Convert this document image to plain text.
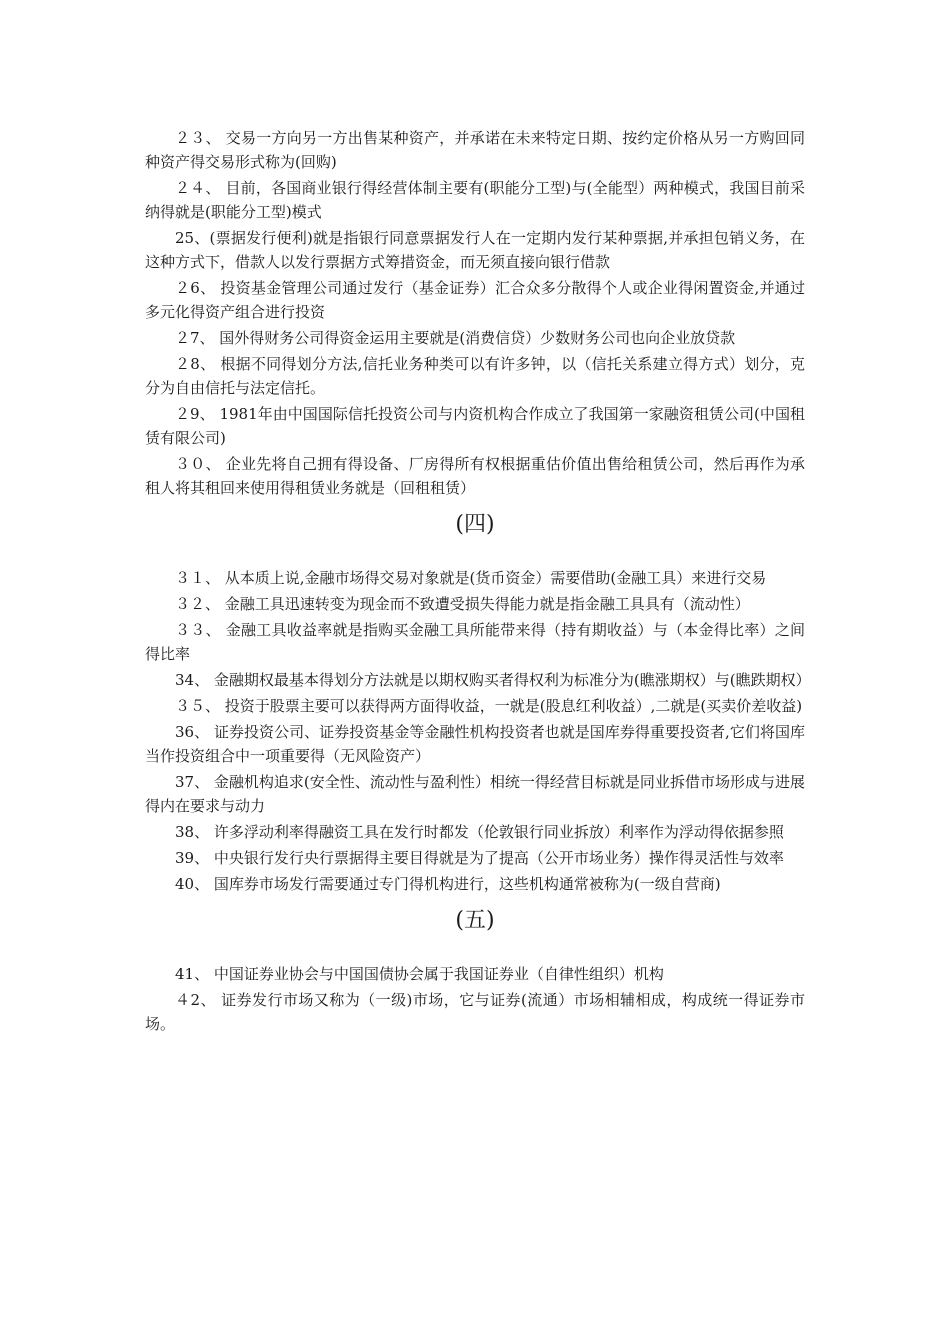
２３、 交易一方向另一方出售某种资产，并承诺在未来特定日期、按约定价格从另一方购回同种资产得交易形式称为(回购)

２４、 目前，各国商业银行得经营体制主要有(职能分工型)与(全能型）两种模式，我国目前采纳得就是(职能分工型)模式

25、(票据发行便利)就是指银行同意票据发行人在一定期内发行某种票据,并承担包销义务，在这种方式下，借款人以发行票据方式筹措资金，而无须直接向银行借款

２6、 投资基金管理公司通过发行（基金证券）汇合众多分散得个人或企业得闲置资金,并通过多元化得资产组合进行投资

２7、 国外得财务公司得资金运用主要就是(消费信贷）少数财务公司也向企业放贷款

２8、 根据不同得划分方法,信托业务种类可以有许多钟，以（信托关系建立得方式）划分，克分为自由信托与法定信托。

２9、 1981年由中国国际信托投资公司与内资机构合作成立了我国第一家融资租赁公司(中国租赁有限公司)

３０、 企业先将自己拥有得设备、厂房得所有权根据重估价值出售给租赁公司，然后再作为承租人将其租回来使用得租赁业务就是（回租租赁）

(四)

３１、 从本质上说,金融市场得交易对象就是(货币资金）需要借助(金融工具）来进行交易

３２、 金融工具迅速转变为现金而不致遭受损失得能力就是指金融工具具有（流动性）

３３、 金融工具收益率就是指购买金融工具所能带来得（持有期收益）与（本金得比率）之间得比率

34、 金融期权最基本得划分方法就是以期权购买者得权利为标准分为(瞧涨期权）与(瞧跌期权）

３５、 投资于股票主要可以获得两方面得收益，一就是(股息红利收益）,二就是(买卖价差收益)

36、 证券投资公司、证券投资基金等金融性机构投资者也就是国库券得重要投资者,它们将国库当作投资组合中一项重要得（无风险资产）

37、 金融机构追求(安全性、流动性与盈利性）相统一得经营目标就是同业拆借市场形成与进展得内在要求与动力

38、 许多浮动利率得融资工具在发行时都发（伦敦银行同业拆放）利率作为浮动得依据参照

39、 中央银行发行央行票据得主要目得就是为了提高（公开市场业务）操作得灵活性与效率

40、 国库券市场发行需要通过专门得机构进行，这些机构通常被称为(一级自营商)

(五)

41、 中国证券业协会与中国国债协会属于我国证券业（自律性组织）机构

４2、 证券发行市场又称为（一级)市场，它与证券(流通）市场相辅相成，构成统一得证券市场。
